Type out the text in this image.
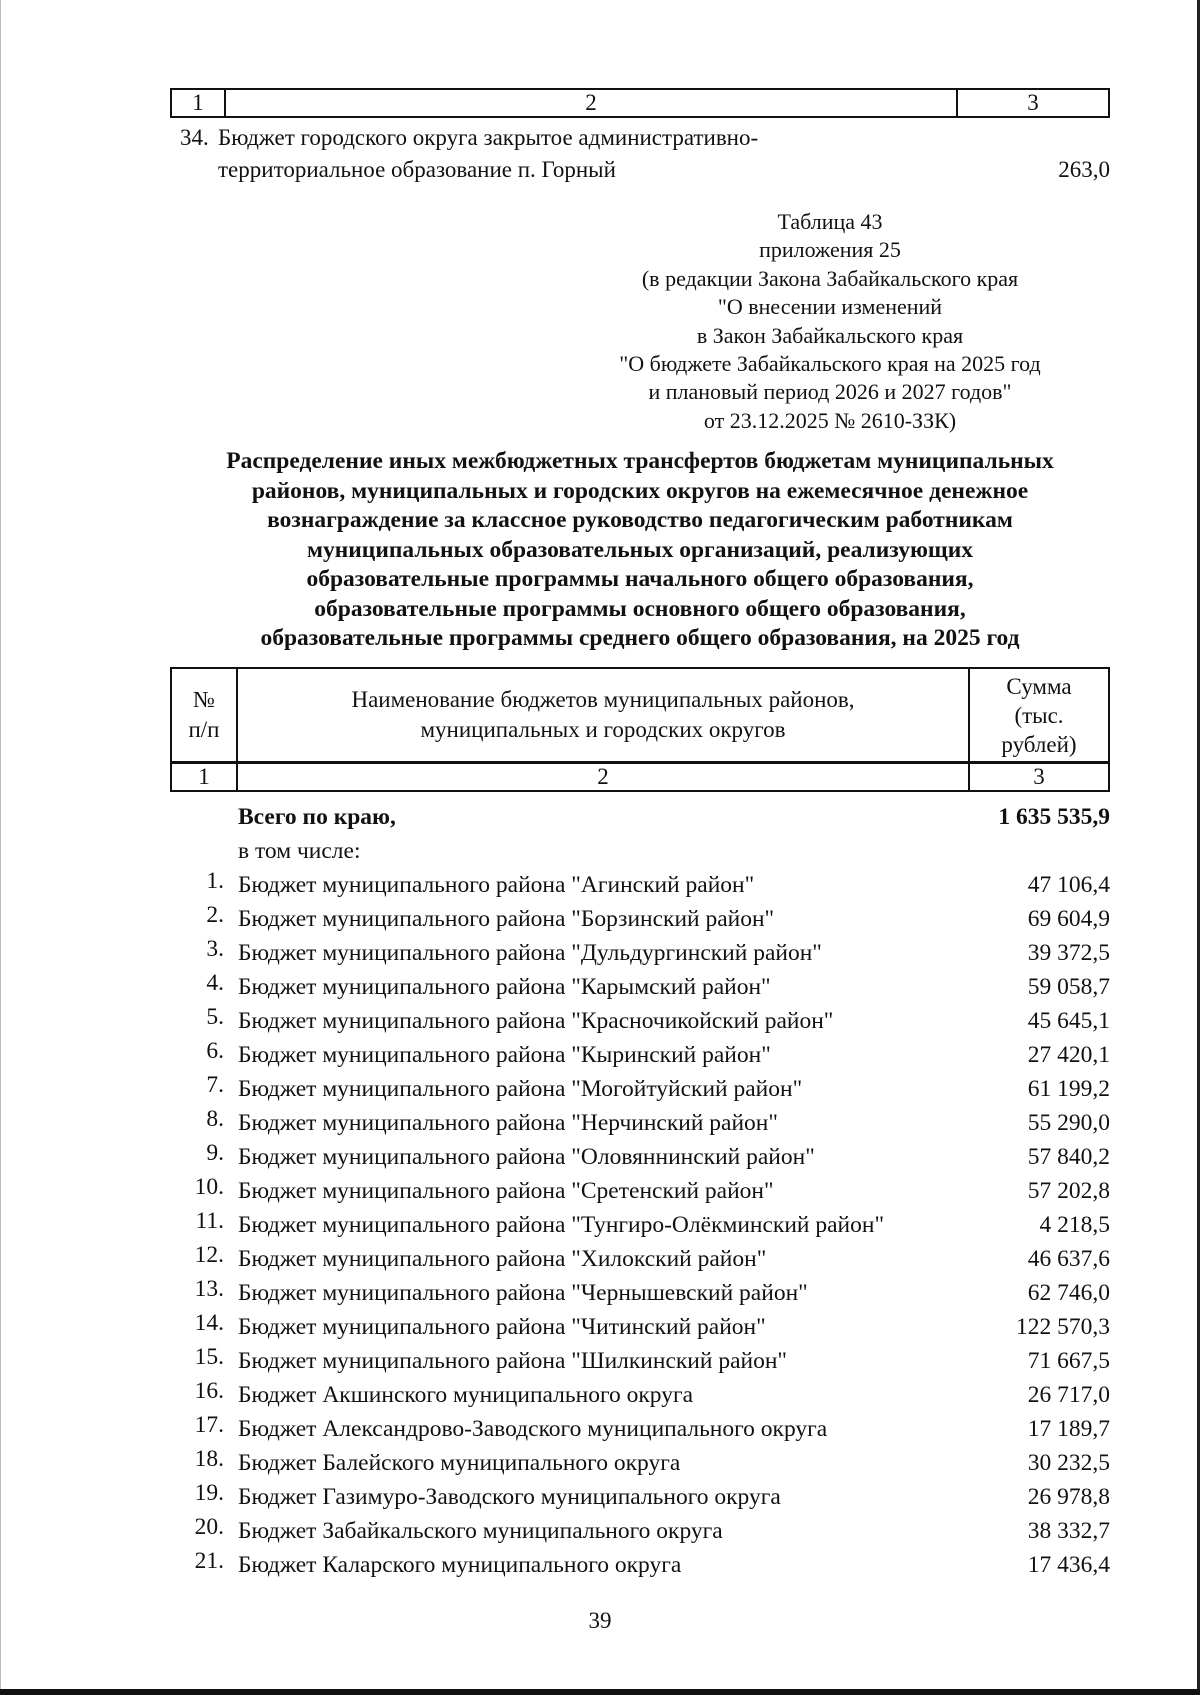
1	2	3
34. Бюджет городского округа закрытое административно-
территориальное образование п. Горный	263,0
Таблица 43
приложения 25
(в редакции Закона Забайкальского края
"О внесении изменений
в Закон Забайкальского края
"О бюджете Забайкальского края на 2025 год
и плановый период 2026 и 2027 годов"
от 23.12.2025 № 2610-ЗЗК)
Распределение иных межбюджетных трансфертов бюджетам муниципальных
районов, муниципальных и городских округов на ежемесячное денежное
вознаграждение за классное руководство педагогическим работникам
муниципальных образовательных организаций, реализующих
образовательные программы начального общего образования,
образовательные программы основного общего образования,
образовательные программы среднего общего образования, на 2025 год
№
п/п

Наименование бюджетов муниципальных районов,
муниципальных и городских округов

Сумма
(тыс.
рублей)
1	2	3
Всего по краю,	1 635 535,9
в том числе:
1. Бюджет муниципального района "Агинский район"	47 106,4
2. Бюджет муниципального района "Борзинский район"	69 604,9
3. Бюджет муниципального района "Дульдургинский район"	39 372,5
4. Бюджет муниципального района "Карымский район"	59 058,7
5. Бюджет муниципального района "Красночикойский район"	45 645,1
6. Бюджет муниципального района "Кыринский район"	27 420,1
7. Бюджет муниципального района "Могойтуйский район"	61 199,2
8. Бюджет муниципального района "Нерчинский район"	55 290,0
9. Бюджет муниципального района "Оловяннинский район"	57 840,2
10. Бюджет муниципального района "Сретенский район"	57 202,8
11. Бюджет муниципального района "Тунгиро-Олёкминский район"	4 218,5
12. Бюджет муниципального района "Хилокский район"	46 637,6
13. Бюджет муниципального района "Чернышевский район"	62 746,0
14. Бюджет муниципального района "Читинский район"	122 570,3
15. Бюджет муниципального района "Шилкинский район"	71 667,5
16. Бюджет Акшинского муниципального округа	26 717,0
17. Бюджет Александрово-Заводского муниципального округа	17 189,7
18. Бюджет Балейского муниципального округа	30 232,5
19. Бюджет Газимуро-Заводского муниципального округа	26 978,8
20. Бюджет Забайкальского муниципального округа	38 332,7
21. Бюджет Каларского муниципального округа	17 436,4
39
